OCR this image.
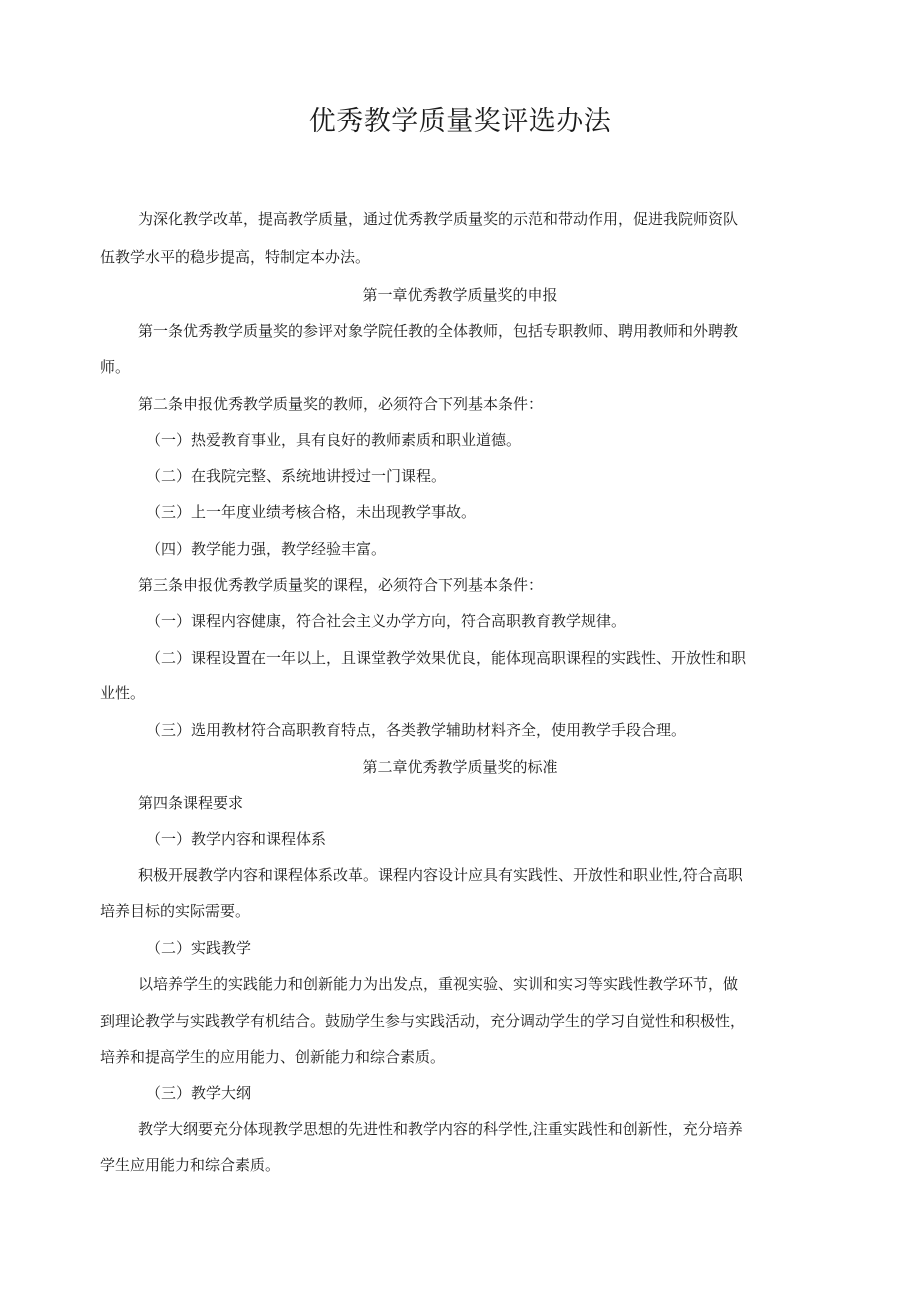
优秀教学质量奖评选办法
为深化教学改革，提高教学质量，通过优秀教学质量奖的示范和带动作用，促进我院师资队
伍教学水平的稳步提高，特制定本办法。
第一章优秀教学质量奖的申报
第一条优秀教学质量奖的参评对象学院任教的全体教师，包括专职教师、聘用教师和外聘教
师。
第二条申报优秀教学质量奖的教师，必须符合下列基本条件：
（一）热爱教育事业，具有良好的教师素质和职业道德。
（二）在我院完整、系统地讲授过一门课程。
（三）上一年度业绩考核合格，未出现教学事故。
（四）教学能力强，教学经验丰富。
第三条申报优秀教学质量奖的课程，必须符合下列基本条件：
（一）课程内容健康，符合社会主义办学方向，符合高职教育教学规律。
（二）课程设置在一年以上，且课堂教学效果优良，能体现高职课程的实践性、开放性和职
业性。
（三）选用教材符合高职教育特点，各类教学辅助材料齐全，使用教学手段合理。
第二章优秀教学质量奖的标准
第四条课程要求
（一）教学内容和课程体系
积极开展教学内容和课程体系改革。课程内容设计应具有实践性、开放性和职业性,符合高职
培养目标的实际需要。
（二）实践教学
以培养学生的实践能力和创新能力为出发点，重视实验、实训和实习等实践性教学环节，做
到理论教学与实践教学有机结合。鼓励学生参与实践活动，充分调动学生的学习自觉性和积极性，
培养和提高学生的应用能力、创新能力和综合素质。
（三）教学大纲
教学大纲要充分体现教学思想的先进性和教学内容的科学性,注重实践性和创新性，充分培养
学生应用能力和综合素质。
